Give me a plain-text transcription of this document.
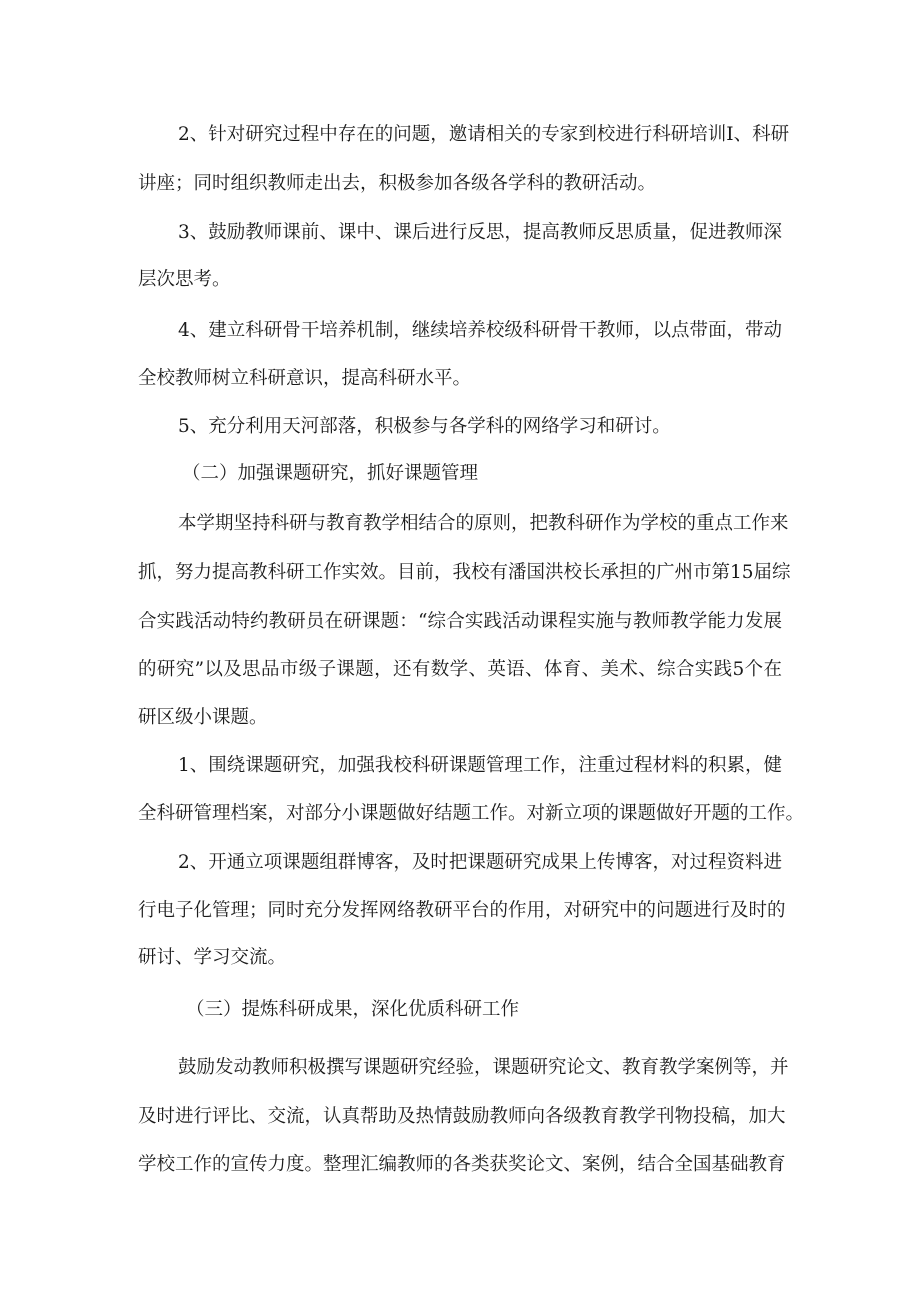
2、针对研究过程中存在的问题，邀请相关的专家到校进行科研培训I、科研
讲座；同时组织教师走出去，积极参加各级各学科的教研活动。
3、鼓励教师课前、课中、课后进行反思，提高教师反思质量，促进教师深
层次思考。
4、建立科研骨干培养机制，继续培养校级科研骨干教师，以点带面，带动
全校教师树立科研意识，提高科研水平。
5、充分利用天河部落，积极参与各学科的网络学习和研讨。
（二）加强课题研究，抓好课题管理
本学期坚持科研与教育教学相结合的原则，把教科研作为学校的重点工作来
抓，努力提高教科研工作实效。目前，我校有潘国洪校长承担的广州市第15届综
合实践活动特约教研员在研课题：“综合实践活动课程实施与教师教学能力发展
的研究”以及思品市级子课题，还有数学、英语、体育、美术、综合实践5个在
研区级小课题。
1、围绕课题研究，加强我校科研课题管理工作，注重过程材料的积累，健
全科研管理档案，对部分小课题做好结题工作。对新立项的课题做好开题的工作。
2、开通立项课题组群博客，及时把课题研究成果上传博客，对过程资料进
行电子化管理；同时充分发挥网络教研平台的作用，对研究中的问题进行及时的
研讨、学习交流。
（三）提炼科研成果，深化优质科研工作
鼓励发动教师积极撰写课题研究经验，课题研究论文、教育教学案例等，并
及时进行评比、交流，认真帮助及热情鼓励教师向各级教育教学刊物投稿，加大
学校工作的宣传力度。整理汇编教师的各类获奖论文、案例，结合全国基础教育
